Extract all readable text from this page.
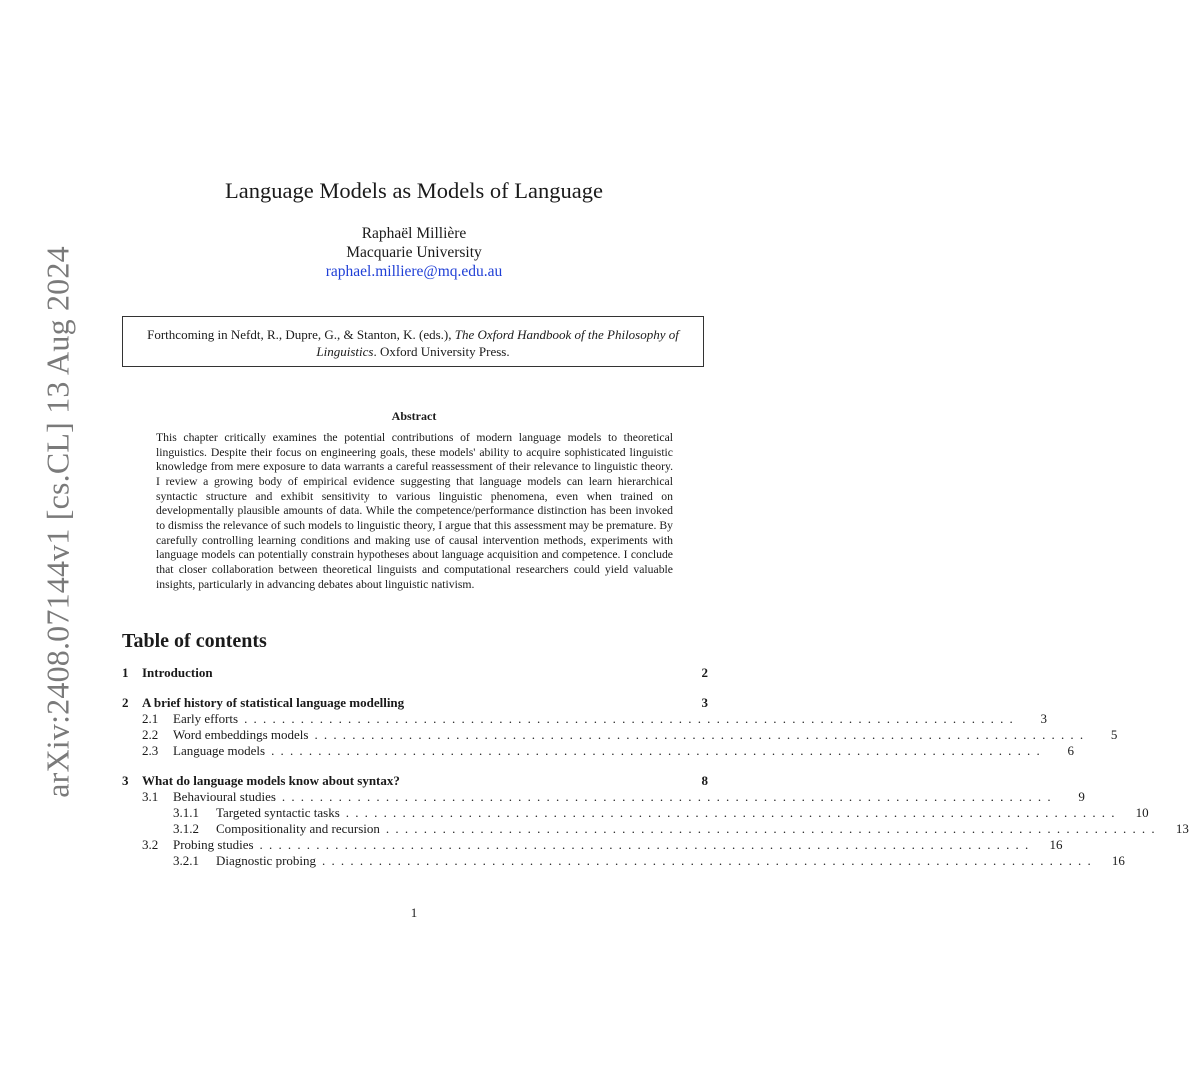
arXiv:2408.07144v1 [cs.CL] 13 Aug 2024
Language Models as Models of Language
Raphaël Millière
Macquarie University
raphael.milliere@mq.edu.au
Forthcoming in Nefdt, R., Dupre, G., & Stanton, K. (eds.), The Oxford Handbook of the Philosophy of Linguistics. Oxford University Press.
Abstract
This chapter critically examines the potential contributions of modern language models to theoretical linguistics. Despite their focus on engineering goals, these models' ability to acquire sophisticated linguistic knowledge from mere exposure to data warrants a careful reassessment of their relevance to linguistic theory. I review a growing body of empirical evidence suggesting that language models can learn hierarchical syntactic structure and exhibit sensitivity to various linguistic phenomena, even when trained on developmentally plausible amounts of data. While the competence/performance distinction has been invoked to dismiss the relevance of such models to linguistic theory, I argue that this assessment may be premature. By carefully controlling learning conditions and making use of causal intervention methods, experiments with language models can potentially constrain hypotheses about language acquisition and competence. I conclude that closer collaboration between theoretical linguists and computational researchers could yield valuable insights, particularly in advancing debates about linguistic nativism.
Table of contents
1	Introduction	2
2	A brief history of statistical language modelling	3
2.1	Early efforts ..................................................................................	3
2.2	Word embeddings models ..................................................................................	5
2.3	Language models ..................................................................................	6
3	What do language models know about syntax?	8
3.1	Behavioural studies ..................................................................................	9
3.1.1	Targeted syntactic tasks ..................................................................................	10
3.1.2	Compositionality and recursion ..................................................................................	13
3.2	Probing studies ..................................................................................	16
3.2.1	Diagnostic probing ..................................................................................	16
1
